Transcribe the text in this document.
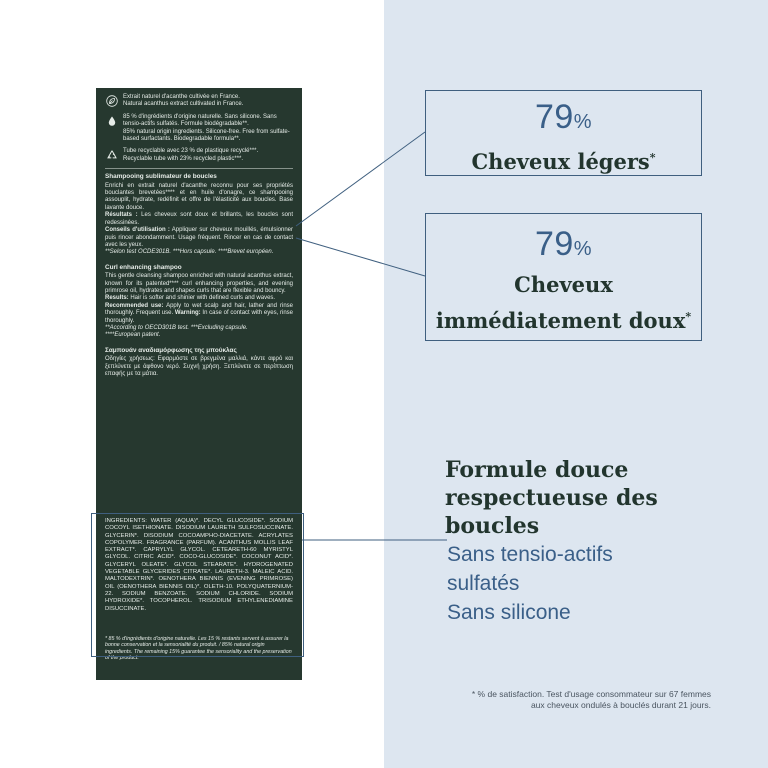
Extrait naturel d'acanthe cultivée en France.

Natural acanthus extract cultivated in France.

85 % d'ingrédients d'origine naturelle. Sans silicone. Sans tensio-actifs sulfatés. Formule biodégradable**.

85% natural origin ingredients. Silicone-free. Free from sulfate-based surfactants. Biodegradable formula**.

Tube recyclable avec 23 % de plastique recyclé***.

Recyclable tube with 23% recycled plastic***.

Shampooing sublimateur de boucles

Enrichi en extrait naturel d'acanthe reconnu pour ses propriétés bouclantes brevetées**** et en huile d'onagre, ce shampooing assouplit, hydrate, redéfinit et offre de l'élasticité aux boucles. Base lavante douce.

Résultats : Les cheveux sont doux et brillants, les boucles sont redessinées.

Conseils d'utilisation : Appliquer sur cheveux mouillés, émulsionner puis rincer abondamment. Usage fréquent. Rincer en cas de contact avec les yeux.

**Selon test OCDE301B. ***Hors capsule. ****Brevet européen.

Curl enhancing shampoo

This gentle cleansing shampoo enriched with natural acanthus extract, known for its patented**** curl enhancing properties, and evening primrose oil, hydrates and shapes curls that are flexible and bouncy.

Results: Hair is softer and shinier with defined curls and waves.

Recommended use: Apply to wet scalp and hair, lather and rinse thoroughly. Frequent use. Warning: In case of contact with eyes, rinse thoroughly.

**According to OECD301B test. ***Excluding capsule.

****European patent.

Σαμπουάν αναδιαμόρφωσης της μπούκλας

Οδηγίες χρήσεως: Εφαρμόστε σε βρεγμένα μαλλιά, κάντε αφρό και ξεπλύνετε με άφθονο νερό. Συχνή χρήση. Ξεπλύνετε σε περίπτωση επαφής με τα μάτια.

INGREDIENTS: WATER (AQUA)*. DECYL GLUCOSIDE*. SODIUM COCOYL ISETHIONATE. DISODIUM LAURETH SULFOSUCCINATE. GLYCERIN*. DISODIUM COCOAMPHO-DIACETATE. ACRYLATES COPOLYMER. FRAGRANCE (PARFUM). ACANTHUS MOLLIS LEAF EXTRACT*. CAPRYLYL GLYCOL. CETEARETH-60 MYRISTYL GLYCOL. CITRIC ACID*. COCO-GLUCOSIDE*. COCONUT ACID*. GLYCERYL OLEATE*. GLYCOL STEARATE*. HYDROGENATED VEGETABLE GLYCERIDES CITRATE*. LAURETH-3. MALEIC ACID. MALTODEXTRIN*. OENOTHERA BIENNIS (EVENING PRIMROSE) OIL (OENOTHERA BIENNIS OIL)*. OLETH-10. POLYQUATERNIUM-22. SODIUM BENZOATE. SODIUM CHLORIDE. SODIUM HYDROXIDE*. TOCOPHEROL. TRISODIUM ETHYLENEDIAMINE DISUCCINATE.
* 85 % d'ingrédients d'origine naturelle. Les 15 % restants servent à assurer la bonne conservation et la sensorialité du produit. / 85% natural origin ingredients. The remaining 15% guarantee the sensoriality and the preservation of the product.
79%
Cheveux légers*
79%
Cheveux
immédiatement doux*
Formule douce
respectueuse des
boucles
Sans tensio-actifs
sulfatés
Sans silicone
* % de satisfaction. Test d'usage consommateur sur 67 femmes
aux cheveux ondulés à bouclés durant 21 jours.
